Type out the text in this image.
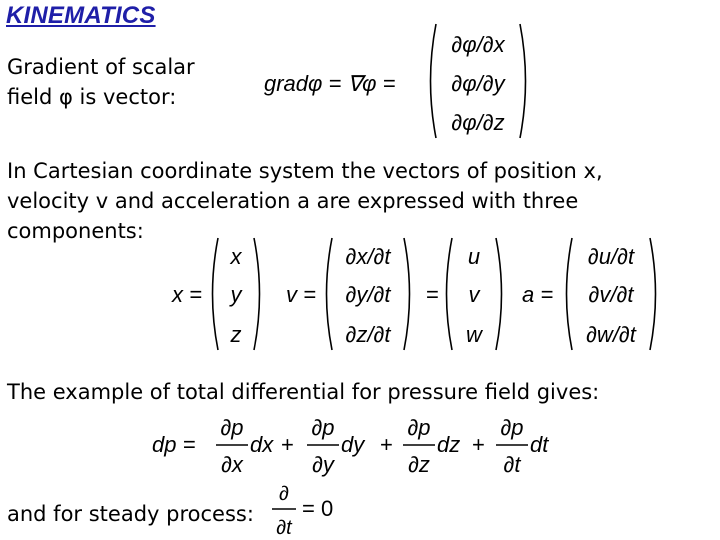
KINEMATICS
Gradient of scalar
field φ is vector:
gradφ = ∇φ =
∂φ/∂x
∂φ/∂y
∂φ/∂z
In Cartesian coordinate system the vectors of position x,
velocity v and acceleration a are expressed with three
components:
x =
x
y
z
v =
∂x/∂t
∂y/∂t
∂z/∂t
=
u
v
w
a =
∂u/∂t
∂v/∂t
∂w/∂t
The example of total differential for pressure field gives:
dp =
∂p
∂x
dx +
∂p
∂y
dy +
∂p
∂z
dz +
∂p
∂t
dt
and for steady process:
∂
∂t
= 0
